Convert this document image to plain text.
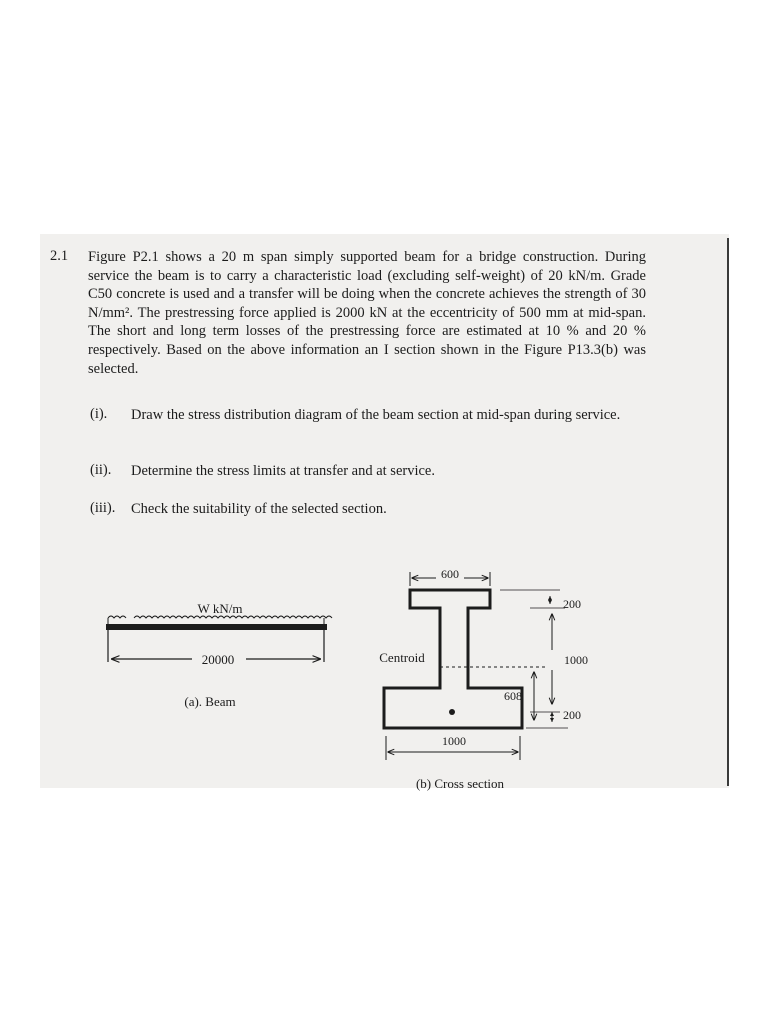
2.1 Figure P2.1 shows a 20 m span simply supported beam for a bridge construction. During service the beam is to carry a characteristic load (excluding self-weight) of 20 kN/m. Grade C50 concrete is used and a transfer will be doing when the concrete achieves the strength of 30 N/mm². The prestressing force applied is 2000 kN at the eccentricity of 500 mm at mid-span. The short and long term losses of the prestressing force are estimated at 10 % and 20 % respectively. Based on the above information an I section shown in the Figure P13.3(b) was selected.

(i). Draw the stress distribution diagram of the beam section at mid-span during service.

(ii). Determine the stress limits at transfer and at service.

(iii). Check the suitability of the selected section.

W kN/m
20000
(a). Beam
600
Centroid
200
1000
608
200
1000
(b) Cross section
